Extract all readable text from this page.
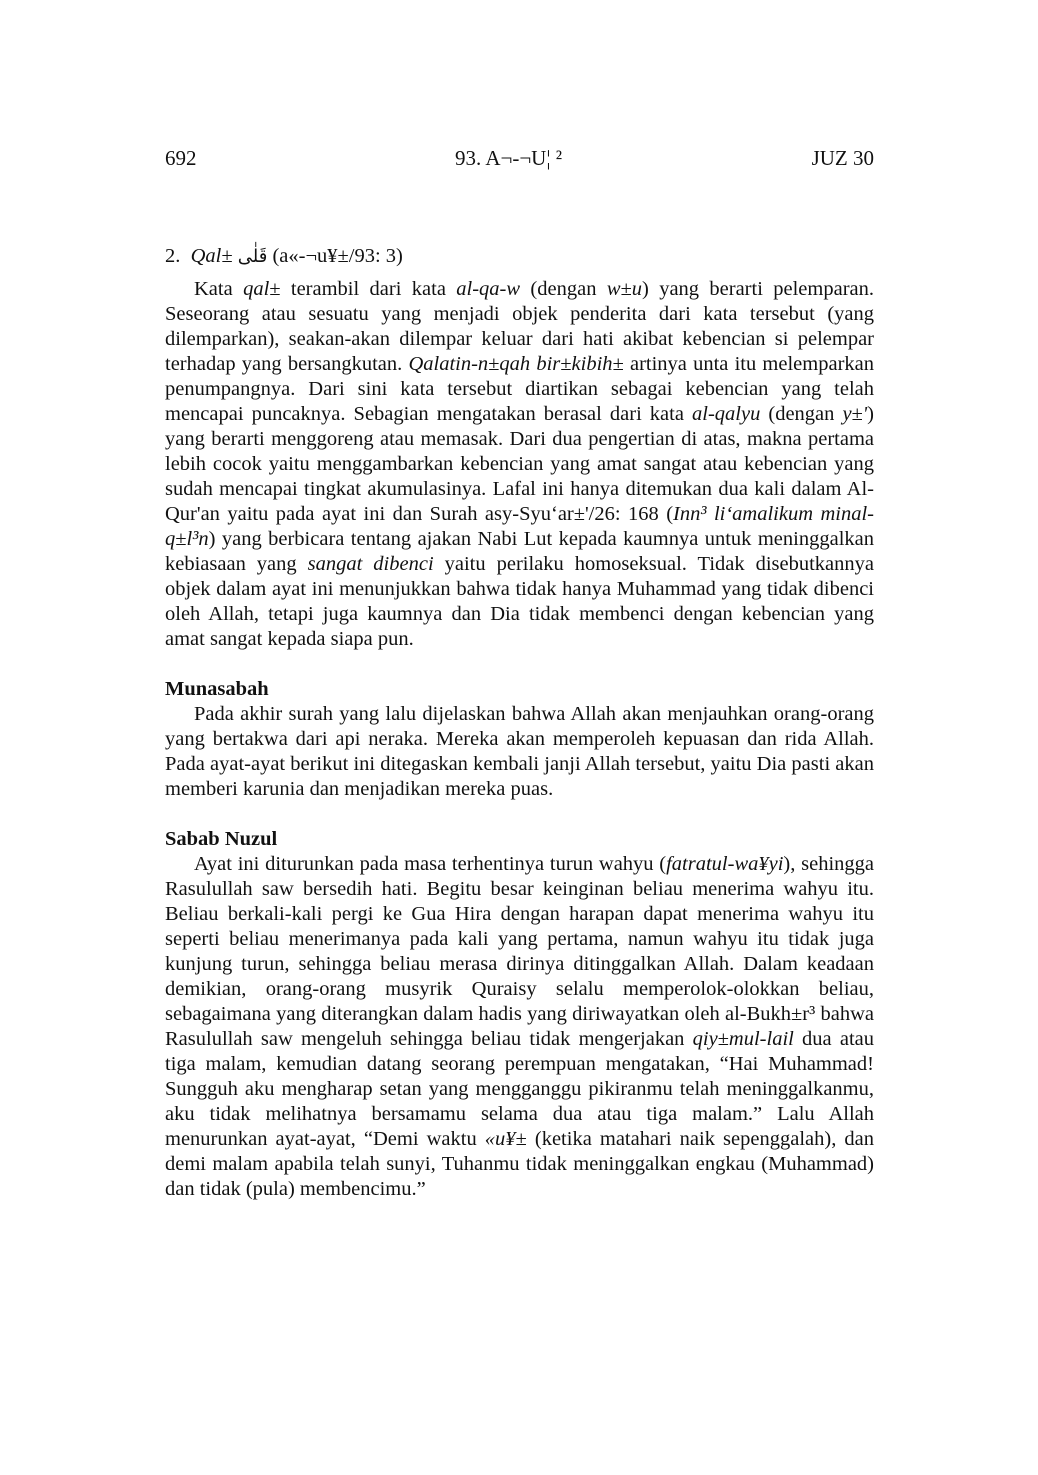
692	93. A¬-¬U¦ ²	JUZ 30
2. Qal± قَلٰى (a«-¬u¥±/93: 3)

Kata qal± terambil dari kata al-qa-w (dengan w±u) yang berarti pelemparan. Seseorang atau sesuatu yang menjadi objek penderita dari kata tersebut (yang dilemparkan), seakan-akan dilempar keluar dari hati akibat kebencian si pelempar terhadap yang bersangkutan. Qalatin-n±qah bir±kibih± artinya unta itu melemparkan penumpangnya. Dari sini kata tersebut diartikan sebagai kebencian yang telah mencapai puncaknya. Sebagian mengatakan berasal dari kata al-qalyu (dengan y±') yang berarti menggoreng atau memasak. Dari dua pengertian di atas, makna pertama lebih cocok yaitu menggambarkan kebencian yang amat sangat atau kebencian yang sudah mencapai tingkat akumulasinya. Lafal ini hanya ditemukan dua kali dalam Al-Qur'an yaitu pada ayat ini dan Surah asy-Syu‘ar±'/26: 168 (Inn³ li‘amalikum minal-q±l³n) yang berbicara tentang ajakan Nabi Lut kepada kaumnya untuk meninggalkan kebiasaan yang sangat dibenci yaitu perilaku homoseksual. Tidak disebutkannya objek dalam ayat ini menunjukkan bahwa tidak hanya Muhammad yang tidak dibenci oleh Allah, tetapi juga kaumnya dan Dia tidak membenci dengan kebencian yang amat sangat kepada siapa pun.

Munasabah

Pada akhir surah yang lalu dijelaskan bahwa Allah akan menjauhkan orang-orang yang bertakwa dari api neraka. Mereka akan memperoleh kepuasan dan rida Allah. Pada ayat-ayat berikut ini ditegaskan kembali janji Allah tersebut, yaitu Dia pasti akan memberi karunia dan menjadikan mereka puas.

Sabab Nuzul

Ayat ini diturunkan pada masa terhentinya turun wahyu (fatratul-wa¥yi), sehingga Rasulullah saw bersedih hati. Begitu besar keinginan beliau menerima wahyu itu. Beliau berkali-kali pergi ke Gua Hira dengan harapan dapat menerima wahyu itu seperti beliau menerimanya pada kali yang pertama, namun wahyu itu tidak juga kunjung turun, sehingga beliau merasa dirinya ditinggalkan Allah. Dalam keadaan demikian, orang-orang musyrik Quraisy selalu memperolok-olokkan beliau, sebagaimana yang diterangkan dalam hadis yang diriwayatkan oleh al-Bukh±r³ bahwa Rasulullah saw mengeluh sehingga beliau tidak mengerjakan qiy±mul-lail dua atau tiga malam, kemudian datang seorang perempuan mengatakan, “Hai Muhammad! Sungguh aku mengharap setan yang mengganggu pikiranmu telah meninggalkanmu, aku tidak melihatnya bersamamu selama dua atau tiga malam.” Lalu Allah menurunkan ayat-ayat, “Demi waktu «u¥± (ketika matahari naik sepenggalah), dan demi malam apabila telah sunyi, Tuhanmu tidak meninggalkan engkau (Muhammad) dan tidak (pula) membencimu.”
